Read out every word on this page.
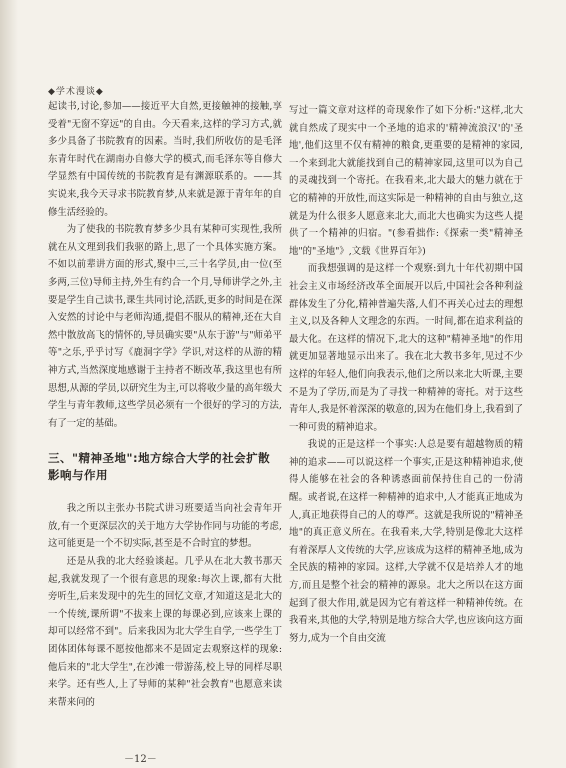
◆学术漫谈◆

起读书,讨论,参加——接近平大自然,更接触神的接触,享受着"无窗不穿远"的自由。今天看来,这样的学习方式,就多少具备了书院教育的因素。当时,我们所收仿的是毛泽东青年时代在湖南办自修大学的模式,而毛泽东等自修大学显然有中国传统的书院教育是有渊源联系的。——其实说来,我今天寻求书院教育梦,从来就是源于青年年的自修生活经验的。

为了使我的书院教育梦多少具有某种可实现性,我所就在从文理到我们我驱的路上,思了一个具体实施方案。不如以前辈讲方面的形式,聚中三,三十名学员,由一位(至多两,三位)导师主持,外生有约合一个月,导师讲学之外,主要是学生自己读书,课生共同讨论,活跃,更多的时间是在深入安然的讨论中与老师沟通,提倡不服从的精神,还在大自然中散放高飞的情怀的,导员确实要"从东于游"与"师弟平等"之乐,乎乎讨写《鹿洞字学》学识,对这样的从游的精神方式,当然深度地感谢于主持者不断改革,我这里也有所思想,从源的学员,以研究生为主,可以将收少量的高年级大学生与青年教师,这些学员必须有一个很好的学习的方法,有了一定的基础。

三、"精神圣地":地方综合大学的社会扩散影响与作用

我之所以主张办书院式讲习班要适当向社会青年开放,有一个更深层次的关于地方大学协作同与功能的考虑,这可能更是一个不切实际,甚至是不合时宜的梦想。

还是从我的北大经验谈起。几乎从在北大教书那天起,我就发现了一个很有意思的现象:每次上课,都有大批旁听生,后来发现中的先生的回忆文章,才知道这是北大的一个传统,课所谓"不拔来上课的每课必到,应该来上课的却可以经常不到"。后来我因为北大学生自学,一些学生丁团体团体每课不愿按他都来不是固定去观察这样的现象:他后来的"北大学生",在沙滩一带游荡,校上导的同样尽职来学。还有些人,上了导师的某种"社会教育"也愿意来读来帮来问的

写过一篇文章对这样的奇现象作了如下分析:"这样,北大就自然成了现实中一个圣地的追求的'精神流浪汉'的'圣地',他们这里不仅有精神的粮食,更重要的是精神的家园,一个来到北大就能找到自己的精神家园,这里可以为自己的灵魂找到一个寄托。在我看来,北大最大的魅力就在于它的精神的开放性,而这实际是一种精神的自由与独立,这就是为什么很多人愿意来北大,而北大也确实为这些人提供了一个精神的归宿。"(参看拙作:《探索一类"精神圣地"的"圣地"》,文载《世界百年》)

而我想强调的是这样一个观察:到九十年代初期中国社会主义市场经济改革全面展开以后,中国社会各种利益群体发生了分化,精神普遍失落,人们不再关心过去的理想主义,以及各种人文理念的东西。一时间,都在追求利益的最大化。在这样的情况下,北大的这种"精神圣地"的作用就更加显著地显示出来了。我在北大教书多年,见过不少这样的年轻人,他们向我表示,他们之所以来北大听课,主要不是为了学历,而是为了寻找一种精神的寄托。对于这些青年人,我是怀着深深的敬意的,因为在他们身上,我看到了一种可贵的精神追求。

我说的正是这样一个事实:人总是要有超越物质的精神的追求——可以说这样一个事实,正是这种精神追求,使得人能够在社会的各种诱惑面前保持住自己的一份清醒。或者说,在这样一种精神的追求中,人才能真正地成为人,真正地获得自己的人的尊严。这就是我所说的"精神圣地"的真正意义所在。在我看来,大学,特别是像北大这样有着深厚人文传统的大学,应该成为这样的精神圣地,成为全民族的精神的家园。这样,大学就不仅是培养人才的地方,而且是整个社会的精神的源泉。北大之所以在这方面起到了很大作用,就是因为它有着这样一种精神传统。在我看来,其他的大学,特别是地方综合大学,也应该向这方面努力,成为一个自由交流

－12－
